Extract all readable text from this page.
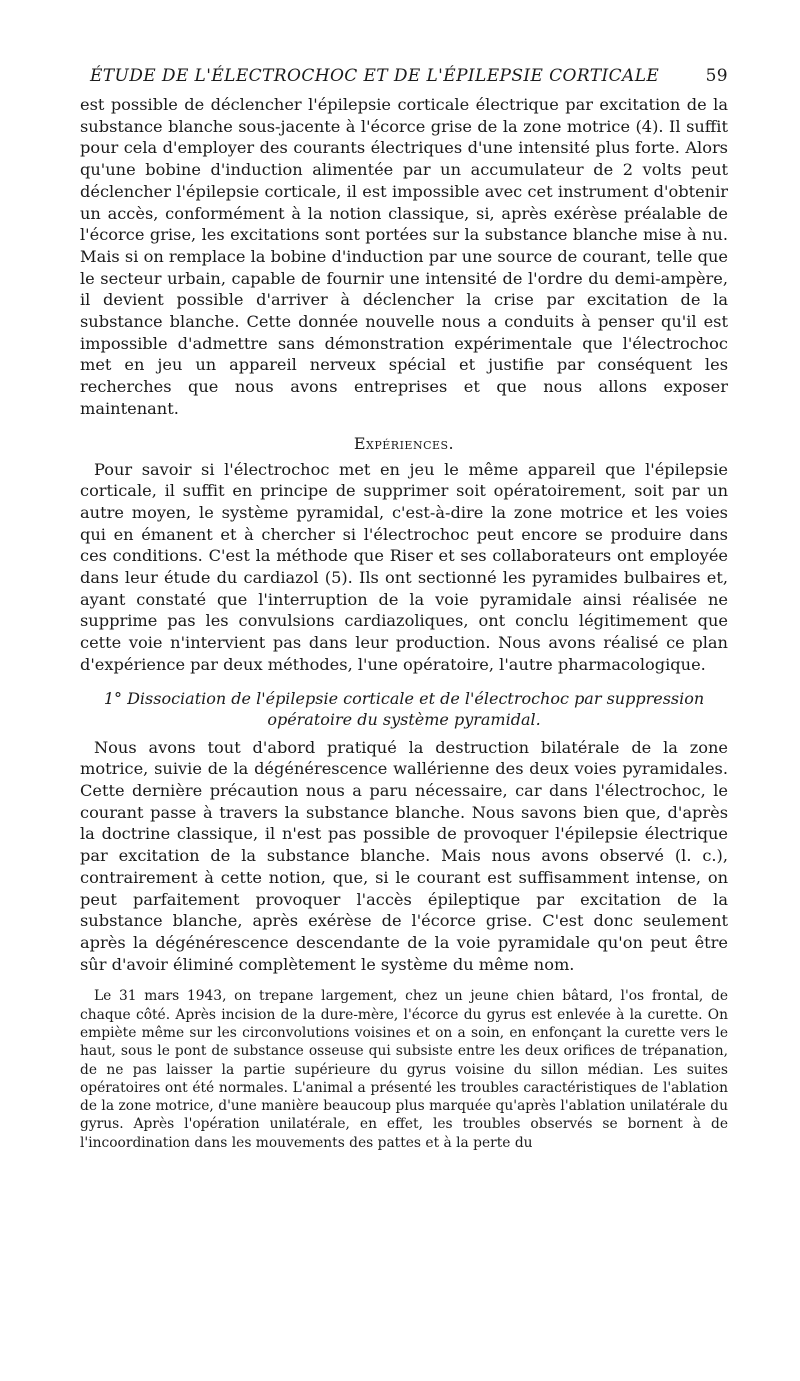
ÉTUDE DE L'ÉLECTROCHOC ET DE L'ÉPILEPSIE CORTICALE	59

est possible de déclencher l'épilepsie corticale électrique par excitation de la substance blanche sous-jacente à l'écorce grise de la zone motrice (4). Il suffit pour cela d'employer des courants électriques d'une intensité plus forte. Alors qu'une bobine d'induction alimentée par un accumulateur de 2 volts peut déclencher l'épilepsie corticale, il est impossible avec cet instrument d'obtenir un accès, conformément à la notion classique, si, après exérèse préalable de l'écorce grise, les excitations sont portées sur la substance blanche mise à nu. Mais si on remplace la bobine d'induction par une source de courant, telle que le secteur urbain, capable de fournir une intensité de l'ordre du demi-ampère, il devient possible d'arriver à déclencher la crise par excitation de la substance blanche. Cette donnée nouvelle nous a conduits à penser qu'il est impossible d'admettre sans démonstration expérimentale que l'électrochoc met en jeu un appareil nerveux spécial et justifie par conséquent les recherches que nous avons entreprises et que nous allons exposer maintenant.

Expériences.

Pour savoir si l'électrochoc met en jeu le même appareil que l'épilepsie corticale, il suffit en principe de supprimer soit opératoirement, soit par un autre moyen, le système pyramidal, c'est-à-dire la zone motrice et les voies qui en émanent et à chercher si l'électrochoc peut encore se produire dans ces conditions. C'est la méthode que Riser et ses collaborateurs ont employée dans leur étude du cardiazol (5). Ils ont sectionné les pyramides bulbaires et, ayant constaté que l'interruption de la voie pyramidale ainsi réalisée ne supprime pas les convulsions cardiazoliques, ont conclu légitimement que cette voie n'intervient pas dans leur production. Nous avons réalisé ce plan d'expérience par deux méthodes, l'une opératoire, l'autre pharmacologique.

1° Dissociation de l'épilepsie corticale et de l'électrochoc par suppression opératoire du système pyramidal.

Nous avons tout d'abord pratiqué la destruction bilatérale de la zone motrice, suivie de la dégénérescence wallérienne des deux voies pyramidales. Cette dernière précaution nous a paru nécessaire, car dans l'électrochoc, le courant passe à travers la substance blanche. Nous savons bien que, d'après la doctrine classique, il n'est pas possible de provoquer l'épilepsie électrique par excitation de la substance blanche. Mais nous avons observé (l. c.), contrairement à cette notion, que, si le courant est suffisamment intense, on peut parfaitement provoquer l'accès épileptique par excitation de la substance blanche, après exérèse de l'écorce grise. C'est donc seulement après la dégénérescence descendante de la voie pyramidale qu'on peut être sûr d'avoir éliminé complètement le système du même nom.

Le 31 mars 1943, on trepane largement, chez un jeune chien bâtard, l'os frontal, de chaque côté. Après incision de la dure-mère, l'écorce du gyrus est enlevée à la curette. On empiète même sur les circonvolutions voisines et on a soin, en enfonçant la curette vers le haut, sous le pont de substance osseuse qui subsiste entre les deux orifices de trépanation, de ne pas laisser la partie supérieure du gyrus voisine du sillon médian. Les suites opératoires ont été normales. L'animal a présenté les troubles caractéristiques de l'ablation de la zone motrice, d'une manière beaucoup plus marquée qu'après l'ablation unilatérale du gyrus. Après l'opération unilatérale, en effet, les troubles observés se bornent à de l'incoordination dans les mouvements des pattes et à la perte du
